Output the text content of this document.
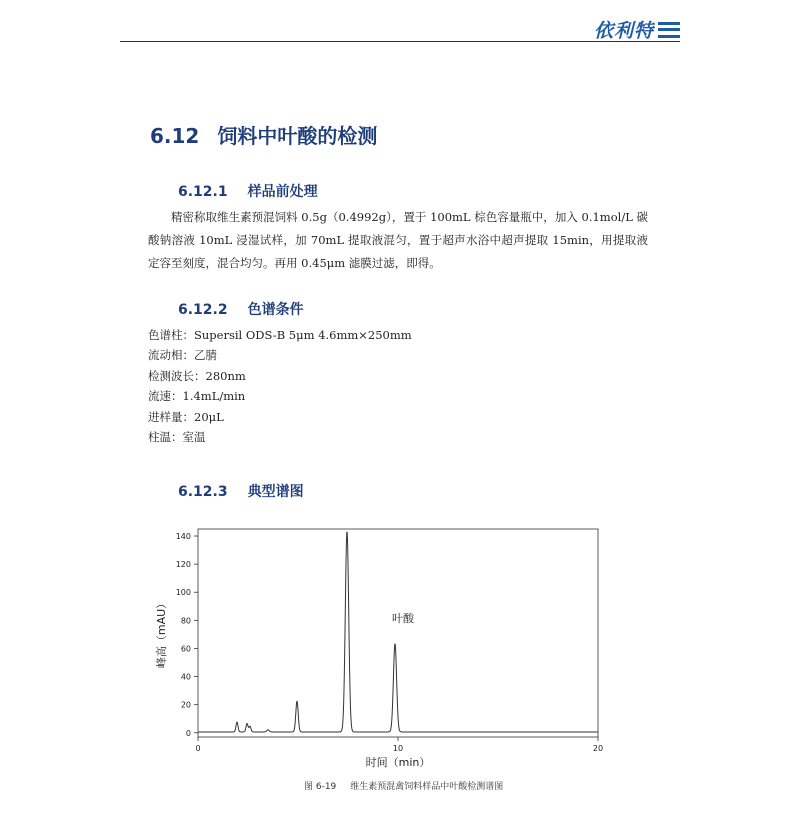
依利特
6.12 饲料中叶酸的检测
6.12.1 样品前处理
精密称取维生素预混饲料 0.5g（0.4992g），置于 100mL 棕色容量瓶中，加入 0.1mol/L 碳酸钠溶液 10mL 浸湿试样，加 70mL 提取液混匀，置于超声水浴中超声提取 15min，用提取液定容至刻度，混合均匀。再用 0.45μm 滤膜过滤，即得。
6.12.2 色谱条件
色谱柱：Supersil ODS-B 5μm 4.6mm×250mm
流动相：乙腈
检测波长：280nm
流速：1.4mL/min
进样量：20μL
柱温：室温
6.12.3 典型谱图
0
20
40
60
80
100
120
140
0	10	20
叶酸
时间（min）
峰高（mAU）
图 6-19 维生素预混禽饲料样品中叶酸检测谱图
